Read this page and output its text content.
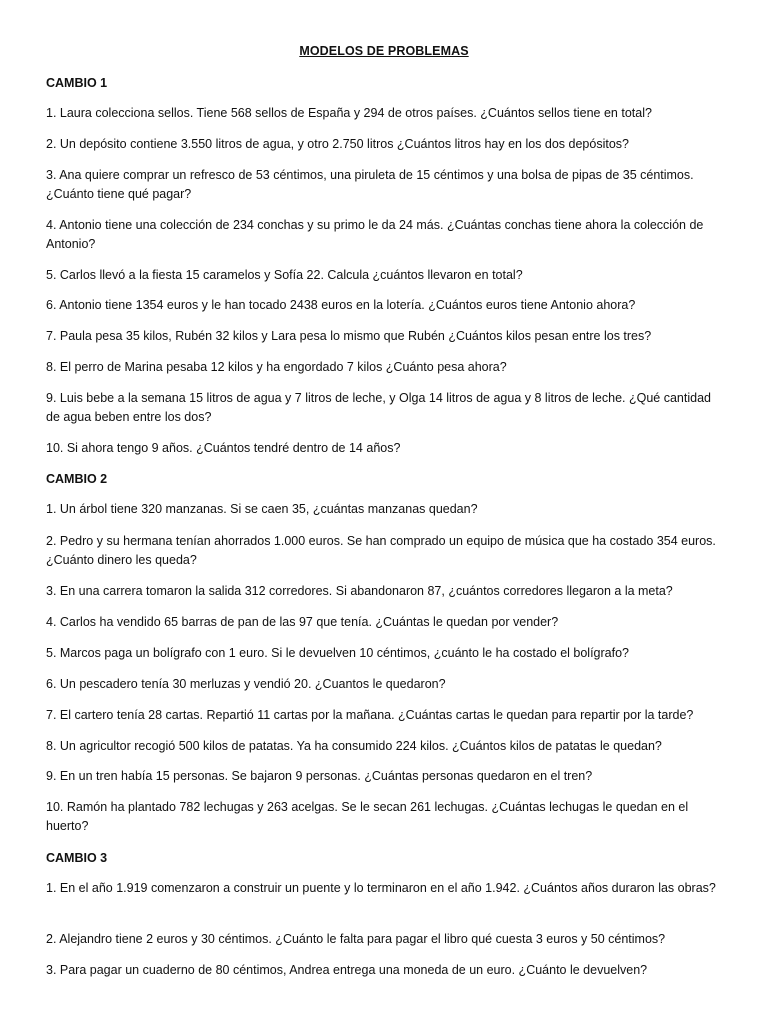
MODELOS DE PROBLEMAS
CAMBIO 1
1. Laura colecciona sellos. Tiene 568 sellos de España y 294 de otros países. ¿Cuántos sellos tiene en total?
2. Un depósito contiene 3.550 litros de agua, y otro 2.750 litros ¿Cuántos litros hay en los dos depósitos?
3. Ana quiere comprar un refresco de 53 céntimos, una piruleta de 15 céntimos y una bolsa de pipas de 35 céntimos. ¿Cuánto tiene qué pagar?
4. Antonio tiene una colección de 234 conchas y su primo le da 24 más. ¿Cuántas conchas tiene ahora la colección de Antonio?
5. Carlos llevó a la fiesta 15 caramelos y Sofía 22. Calcula ¿cuántos llevaron en total?
6. Antonio tiene 1354 euros y le han tocado 2438 euros en la lotería. ¿Cuántos euros tiene Antonio ahora?
7. Paula pesa 35 kilos, Rubén 32 kilos y Lara pesa lo mismo que Rubén ¿Cuántos kilos pesan entre los tres?
8. El perro de Marina pesaba 12 kilos y ha engordado 7 kilos ¿Cuánto pesa ahora?
9. Luis bebe a la semana 15 litros de agua y 7 litros de leche, y Olga 14 litros de agua y 8 litros de leche. ¿Qué cantidad de agua beben entre los dos?
10. Si ahora tengo 9 años. ¿Cuántos tendré dentro de 14 años?
CAMBIO 2
1. Un árbol tiene 320 manzanas. Si se caen 35, ¿cuántas manzanas quedan?
2. Pedro y su hermana tenían ahorrados 1.000 euros. Se han comprado un equipo de música que ha costado 354 euros. ¿Cuánto dinero les queda?
3. En una carrera tomaron la salida 312 corredores. Si abandonaron 87, ¿cuántos corredores llegaron a la meta?
4. Carlos ha vendido 65 barras de pan de las 97 que tenía. ¿Cuántas le quedan por vender?
5. Marcos paga un bolígrafo con 1 euro. Si le devuelven 10 céntimos, ¿cuánto le ha costado el bolígrafo?
6. Un pescadero tenía 30 merluzas y vendió 20. ¿Cuantos le quedaron?
7. El cartero tenía 28 cartas. Repartió 11 cartas por la mañana. ¿Cuántas cartas le quedan para repartir por la tarde?
8. Un agricultor recogió 500 kilos de patatas. Ya ha consumido 224 kilos. ¿Cuántos kilos de patatas le quedan?
9. En un tren había 15 personas. Se bajaron 9 personas. ¿Cuántas personas quedaron en el tren?
10. Ramón ha plantado 782 lechugas y 263 acelgas. Se le secan 261 lechugas. ¿Cuántas lechugas le quedan en el huerto?
CAMBIO 3
1. En el año 1.919 comenzaron a construir un puente y lo terminaron en el año 1.942. ¿Cuántos años duraron las obras?
2. Alejandro tiene 2 euros y 30 céntimos. ¿Cuánto le falta para pagar el libro qué cuesta 3 euros y 50 céntimos?
3. Para pagar un cuaderno de 80 céntimos, Andrea entrega una moneda de un euro. ¿Cuánto le devuelven?
